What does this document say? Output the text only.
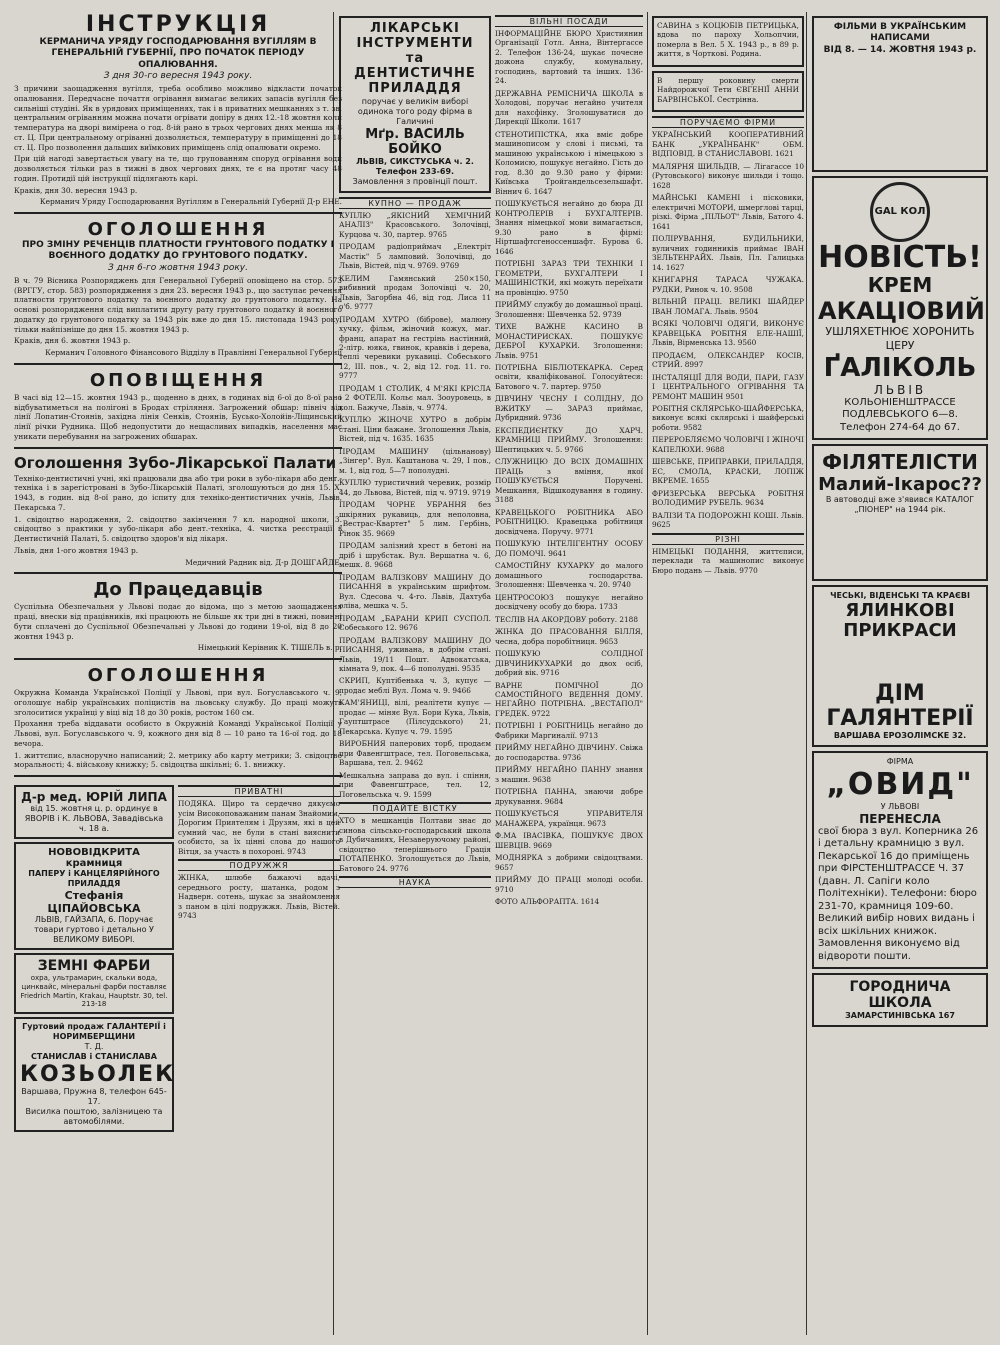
ІНСТРУКЦІЯ
КЕРМАНИЧА УРЯДУ ГОСПОДАРЮВАННЯ ВУГІЛЛЯМ В ГЕНЕРАЛЬНІЙ ГУБЕРНІЇ, ПРО ПОЧАТОК ПЕРІОДУ ОПАЛЮВАННЯ.
З дня 30-го вересня 1943 року.
З причини заощадження вугілля, треба особливо можливо відкласти початок опалювання. Передчасне почаття огрівання вимагає великих запасів вугілля без сильніші студіні. Як в урядових приміщеннях, так і в приватних мешканнях з т. зв. центральним огріванням можна почати огрівати допіру в днях 12.-18 жовтня коли температура на дворі вимірена о год. 8-ій рано в трьох чергових днях менша як 8 ст. Ц. При центральному огріванні дозволяється, температуру в приміщенні до 18 ст. Ц. Про позволення дальших виїмкових приміщень слід опалювати окремо.
При цій нагоді завертається увагу на те, що групованням споруд огрівання води дозволяється тільки раз в тижні в двох чергових днях, те є на протяг часу 48 годин. Протидії цій інструкції підлягають карі.
Краків, дня 30. вересня 1943 р.
Керманич Уряду Господарювання Вугіллям в Генеральній Губернії Д-р ЕНЕ.
ОГОЛОШЕННЯ
ПРО ЗМІНУ РЕЧЕНЦІВ ПЛАТНОСТИ ГРУНТОВОГО ПОДАТКУ І ВОЄННОГО ДОДАТКУ ДО ГРУНТОВОГО ПОДАТКУ.
З дня 6-го жовтня 1943 року.
В ч. 79 Вісника Розпоряджень для Генеральної Губернії оповіщено на стор. 573 (ВРГГУ, стор. 583) розпорядження з дня 23. вересня 1943 р., що заступає речення платности грунтового податку та воєнного додатку до грунтового податку. На основі розпорядження слід виплатити другу рату грунтового податку й воєнного додатку до грунтового податку за 1943 рік вже до дня 15. листопада 1943 року, тільки найпізніше до дня 15. жовтня 1943 р.
Краків, дня 6. жовтня 1943 р.
Керманич Головного Фінансового Відділу в Правлінні Генеральної Губернії
ОПОВІЩЕННЯ
В часі від 12—15. жовтня 1943 р., щоденно в днях, в годинах від 6-ої до 8-ої рано відбуватиметься на полігоні в Бродах стріляння. Загрожений обшар: північ від лінії Лопатин-Стоянів, західна лінія Сенків, Стоянів, Бусько-Холойів-Ліщинський лінії річки Рудника. Щоб недопустити до нещасливих випадків, населення має уникати перебування на загрожених обшарах.
Оголошення Зубо-Лікарської Палати
Техніко-дентистичні учні, які працювали два або три роки в зубо-лікаря або дент.-техніка і в зарегістровані в Зубо-Лікарській Палаті, зголошуються до дня 15. X. 1943, в годин. від 8-ої рано, до іспиту для техніко-дентистичних учнів, Львів, Пекарська 7.
1. свідоцтво народження, 2. свідоцтво закінчення 7 кл. народної школи, 3. свідоцтво з практики у зубо-лікаря або дент.-техніка, 4. чистка реєстрації в Дентистичній Палаті, 5. свідоцтво здоров'я від лікаря.
Львів, дня 1-ого жовтня 1943 р.
Медичний Радник від. Д-р ДОШГАЙДЕ.
До Працедавців
Суспільна Обезпечальня у Львові подає до відома, що з метою заощадження праці, внески від працівників, які працюють не більше як три дні в тижні, повинні бути сплачені до Суспільної Обезпечальні у Львові до години 19-ої, від 8 до 20 жовтня 1943 р.
Німецький Керівник К. ТІШЕЛЬ в. р.
ОГОЛОШЕННЯ
Окружна Команда Української Поліції у Львові, при вул. Богуславського ч. 9, оголошує набір українських поліцистів на льовську службу. До праці можуть зголоситися українці у віці від 18 до 30 років, ростом 160 см.
Прохання треба віддавати особисто в Окружній Команді Української Поліції у Львові, вул. Богуславського ч. 9, кожного дня від 8 — 10 рано та 16-ої год. до 18 вечора.
1. життєпис, власноручно написаний; 2. метрику або карту метрики; 3. свідоцтво моральності; 4. військову книжку; 5. свідоцтва шкільні; 6. 1. внижку.
Д-р мед. ЮРІЙ ЛИПА
від 15. жовтня ц. р. ординує в ЯВОРІВ і К. ЛЬВОВА, Завадівська ч. 18 а.
НОВОВІДКРИТА крамниця
ПАПЕРУ і КАНЦЕЛЯРІЙНОГО ПРИЛАДДЯ
Стефанія ЦІПАЙОВСЬКА
ЛЬВІВ, ГАЙЗАПА, 6. Поручає товари гуртово і детально У ВЕЛИКОМУ ВИБОРІ.
ЗЕМНІ ФАРБИ
охра, ультрамарин, скальки вода, цинквайс, мінеральні фарби поставляє Friedrich Martin, Krakau, Hauptstr. 30, tel. 213-18
Гуртовий продаж ГАЛАНТЕРІЇ і НОРИМБЕРЩИНИ
Т. Д.
СТАНИСЛАВ і СТАНИСЛАВА
КОЗЬОЛЕК
Варшава, Пружна 8, телефон 645-17.
Висилка поштою, залізницею та автомобілями.
ПРИВАТНІ
ПОДЯКА. Щиро та сердечно дякуємо усім Високоповажаним панам Знайомим, Дорогим Приятелям і Друзям, які в цей сумний час, не були в стані вияснити особисто, за їх цінні слова до нашого Вітця, за участь в похороні. 9743
ПОДРУЖЖЯ
ЖІНКА, шлюбе бажаючі вдачі, середнього росту, шатанка, родом з Надверн. сотень, шукає за знайомлення з паном в цілі подружжя. Львів, Вістей. 9743
ЛІКАРСЬКІ ІНСТРУМЕНТИ та ДЕНТИСТИЧНЕ ПРИЛАДДЯ
поручає у великім виборі одинока того роду фірма в Галичині
Мґр. ВАСИЛЬ БОЙКО
ЛЬВІВ, СИКСТУСЬКА ч. 2. Телефон 233-69.
Замовлення з провінції пошт.
КУПНО — ПРОДАЖ
КУПЛЮ „ЯКІСНИЙ ХЕМІЧНИЙ АНАЛІЗ" Красовського. Золочівці, Курцова ч. 30, партер. 9765
ПРОДАМ радіоприймач „Електріт Мастік" 5 ламповий. Золочівці, до Львів, Вістей, під ч. 9769. 9769
КЕЛИМ Гамянський 250×150, вибивний продам Золочівці ч. 20, Львів, Загорбна 46, від год. Лиса 11 о'б. 9777
ПРОДАМ ХУТРО (біброве), малюну хучку, фільм, жіночий кожух, маг. франц, апарат на гестрінь настінний, 2-літр. юяка, гвинок, кравків і дерева, теплі черевики рукавиці. Собеського 12, III. пов., ч. 2, від 12. год. 11. го. 9777
ПРОДАМ 1 СТОЛИК, 4 М'ЯКІ КРІСЛА і 2 ФОТЕЛІ. Кольє мал. Зооуровець, в кол. Бажуче, Львів, ч. 9774.
КУПЛЮ ЖІНОЧЕ ХУТРО в добрім стані. Ціни бажане. Зголошення Львів, Вістей, під ч. 1635. 1635
ПРОДАМ МАШИНУ (цільнанову) „Зінгер". Вул. Каштанова ч. 29, I пов., м. 1, від год. 5—7 пополудні.
КУПЛЮ туристичний черевик, розмір 44, до Львова, Вістей, під ч. 9719. 9719
ПРОДАМ ЧОРНЕ УБРАННЯ без шкіряних рукавиць, для неполовна, „Вестрас-Квартет" 5 лим. Гербінь, Рінок 35. 9669
ПРОДАМ залізний хрест в бетоні на дріб і шрубстак. Вул. Вершатна ч. 6, мешк. 8. 9668
ПРОДАМ ВАЛІЗКОВУ МАШИНУ ДО ПИСАННЯ в українським шрифтом. Вул. Сдесова ч. 4-го. Львів, Дахтуба оліва, мешка ч. 5.
ПРОДАМ „БАРАНИ КРИП СУСПОЛ. Собеського 12. 9676
ПРОДАМ ВАЛІЗКОВУ МАШИНУ ДО ПИСАННЯ, уживана, в добрім стані. Львів, 19/11 Пошт. Адвокатська, кімната 9, пок. 4—6 пополудні. 9535
СКРИП, Куптібенька ч. 3, купує — продає меблі Вул. Лома ч. 9. 9466
КАМ'ЯНИЦІ, вілі, реалітети купує — продає — міняє Вул. Бори Кука, Львів, Гауптштрасе (Пілсудського) 21, Пекарська. Купує ч. 79. 1595
ВИРОБНИЯ паперових торб, продаєм при Фавенгштрасе, тел. Поговельська, Варшава, тел. 2. 9462
Мешкальна заправа до вул. і спіння, при Фавенгштрасе, тел. 12, Поговельська ч. 9. 1599
ПОДАЙТЕ ВІСТКУ
ХТО в мешканців Полтави знає до синова сільсько-господарський школа в Дубичаниях, Незаверуючому районі, свідоцтво теперішнього Грація ПОТАПЕНКО. Зголошується до Львів, Батового 24. 9776
НАУКА
ВІЛЬНІ ПОСАДИ
ІНФОРМАЦІЙНЕ БЮРО Християнин Організації Готл. Анна, Вінтергассе 2. Телефон 136-24, шукає почесне дожона службу, комунальну, господинь, вартовий та інших. 136-24.
ДЕРЖАВНА РЕМІСНИЧА ШКОЛА в Холодові, поручає негайно учителя для нахсфінку. Зголошуватися до Дирекції Школи. 1617
СТЕНОТИПІСТКА, яка вміє добре машинописом у слові і письмі, та машиною українською і німецькою з Коломисю, пошукує негайно. Гість до год. 8.30 до 9.30 рано у фірми: Київська Тройгандельсезельшафт. Віннич 6. 1647
ПОШУКУЄТЬСЯ негайно до бюра ДІ КОНТРОЛЕРІВ і БУХГАЛТЕРІВ. Знання німецької мови вимагається, 9.30 рано в фірмі: Ніртшафтсгеноссеншафт. Бурова 6. 1646
ПОТРІБНІ ЗАРАЗ ТРИ ТЕХНІКИ І ГЕОМЕТРИ, БУХГАЛТЕРИ І МАШИНІСТКИ, які можуть переїхати на провінцію. 9750
ПРИЙМУ службу до домашньої праці. Зголошення: Шевченка 52. 9739
ТИХЕ ВАЖНЕ КАСИНО В МОНАСТИРИСКАХ. ПОШУКУЄ ДЕБРОЇ КУХАРКИ. Зголошення: Львів. 9751
ПОТРІБНА БІБЛІОТЕКАРКА. Серед освіти, кваліфікованої. Голосуйтеся: Батового ч. 7. партер. 9750
ДІВЧИНУ ЧЕСНУ І СОЛІДНУ, ДО ВЖИТКУ — ЗАРАЗ приймає, Дубридний. 9736
ЕКСПЕДИЄНТКУ ДО ХАРЧ. КРАМНИЦІ ПРИЙМУ. Зголошення: Шептицьких ч. 5. 9766
СЛУЖНИЦЮ ДО ВСІХ ДОМАШНІХ ПРАЦЬ з вміння, якої ПОШУКУЄТЬСЯ Поручені. Мешкання, Відшкодування в годину. 3188
КРАВЕЦЬКОГО РОБІТНИКА АБО РОБІТНИЦЮ. Кравецька робітниця досвідчена. Поручу. 9771
ПОШУКУЮ ІНТЕЛІГЕНТНУ ОСОБУ ДО ПОМОЧІ. 9641
САМОСТІЙНУ КУХАРКУ до малого домашнього господарства. Зголошення: Шевченка ч. 20. 9740
ЦЕНТРОСОЮЗ пошукує негайно досвідчену особу до бюра. 1733
ТЕСЛІВ НА АКОРДОВУ роботу. 2188
ЖІНКА ДО ПРАСОВАННЯ БІЛЛЯ, чесна, добра поробітниця. 9653
ПОШУКУЮ СОЛІДНОЇ ДІВЧИНИКУХАРКИ до двох осіб, добрий вік. 9716
ВАРНЕ ПОМІЧНОЇ ДО САМОСТІЙНОГО ВЕДЕННЯ ДОМУ. НЕГАЙНО ПОТРІБНА. „ВЕСТАПОЛ" ГРЕДЕК. 9722
ПОТРІБНІ І РОБІТНИЦЬ негайно до Фабрики Маргиналії. 9713
ПРИЙМУ НЕГАЙНО ДІВЧИНУ. Свіжа до господарства. 9736
ПРИЙМУ НЕГАЙНО ПАННУ знання з машин. 9638
ПОТРІБНА ПАННА, знаючи добре друкування. 9684
ПОШУКУЄТЬСЯ УПРАВИТЕЛЯ МАНАЖЕРА, українця. 9673
Ф.МА ІВАСІВКА, ПОШУКУЄ ДВОХ ШЕВЦІВ. 9669
МОДНЯРКА з добрими свідоцтвами. 9657
ПРИЙМУ ДО ПРАЦІ молоді особи. 9710
ФОТО АЛЬФОРАПТА. 1614
САВИНА з КОЦЮБІВ ПЕТРИЦЬКА, вдова по пароху Хольопчии, померла в Вел. 5 X. 1943 р., в 89 р. життя, в Чорткові. Родина.
В першу роковину смерти Найдорожчої Тети ЄВГЕНІЇ АННИ БАРВІНСЬКОЇ. Сестрінна.
ПОРУЧАЄМО ФІРМИ
УКРАЇНСЬКИЙ КООПЕРАТИВНИЙ БАНК „УКРАЇНБАНК" ОБМ. ВІДПОВІД. В СТАНИСЛАВОВІ. 1621
МАЛЯРНЯ ШИЛЬДІВ, — Лігагассе 10 (Рутовського) виконує шильди і тощо. 1628
МАЙНСЬКІ КАМЕНІ і пісковики, електричні МОТОРИ, шмерглові тарці, різкі. Фірма „ПІЛЬОТ" Львів, Батого 4. 1641
ПОЛІРУВАННЯ, БУДИЛЬНИКИ, вуличних годинників приймає ІВАН ЗЕЛЬТЕНРАЙХ. Львів, Пл. Галицька 14. 1627
КНИГАРНЯ ТАРАСА ЧУЖАКА. РУДКИ, Ринок ч. 10. 9508
ВІЛЬНІЙ ПРАЦІ. ВЕЛИКІ ШАЙДЕР ІВАН ЛОМАГА. Львів. 9504
ВСЯКІ ЧОЛОВІЧІ ОДЯГИ, ВИКОНУЄ КРАВЕЦЬКА РОБІТНЯ ЕЛЕ-НАШІЇ, Львів, Вірменська 13. 9560
ПРОДАЄМ, ОЛЕКСАНДЕР КОСІВ, СТРИЙ. 8997
ІНСТАЛЯЦІЇ ДЛЯ ВОДИ, ПАРИ, ГАЗУ І ЦЕНТРАЛЬНОГО ОГРІВАННЯ ТА РЕМОНТ МАШИН 9501
РОБІТНЯ СКЛЯРСЬКО-ШАЙФЕРСЬКА, виконує всякі склярські і шайферські роботи. 9582
ПЕРЕРОБЛЯЄМО ЧОЛОВІЧІ І ЖІНОЧІ КАПЕЛЮХИ. 9688
ШЕВСЬКЕ, ПРИПРАВКИ, ПРИЛАДДЯ, ЕС, СМОЛА, КРАСКИ, ЛОПІЖ ВКРЕМЕ. 1655
ФРИЗЕРСЬКА ВЕРСЬКА РОБІТНЯ ВОЛОДИМИР РУБЕЛЬ. 9634
ВАЛІЗИ ТА ПОДОРОЖНІ КОШІ. Львів. 9625
РІЗНІ
НІМЕЦЬКІ ПОДАННЯ, життєписи, переклади та машинопис виконує Бюро подань — Львів. 9770
ФІЛЬМИ В УКРАЇНСЬКИМ НАПИСАМИ
ВІД 8. — 14. ЖОВТНЯ 1943 р.
GAL КОЛ
НОВІСТЬ!
КРЕМ
АКАЦІОВИЙ
УШЛЯХЕТНЮЄ ХОРОНИТЬ ЦЕРУ
ҐАЛІКОЛЬ
ЛЬВІВ
КОЛЬОНІЕНШТРАССЕ ПОДЛЕВСЬКОГО 6—8. Телефон 274-64 до 67.
ФІЛЯТЕЛІСТИ
Малий-Ікарос??
В автоводці вже з'явився КАТАЛОГ „ПІОНЕР" на 1944 рік.
ЧЕСЬКІ, ВІДЕНСЬКІ ТА КРАЄВІ
ЯЛИНКОВІ ПРИКРАСИ
ДІМ ГАЛЯНТЕРІЇ
ВАРШАВА ЕРОЗОЛІМСКЕ 32.
ФІРМА
„ОВИД"
У ЛЬВОВІ
ПЕРЕНЕСЛА
свої бюра з вул. Коперника 26 і детальну крамницю з вул. Пекарської 16 до приміщень при ФІРСТЕНШТРАССЕ Ч. 37 (давн. Л. Сапіги коло Політехніки). Телефони: бюро 231-70, крамниця 109-60. Великий вибір нових видань і всіх шкільних книжок. Замовлення виконуємо від відвороти пошти.
ГОРОДНИЧА ШКОЛА
ЗАМАРСТИНІВСЬКА 167
